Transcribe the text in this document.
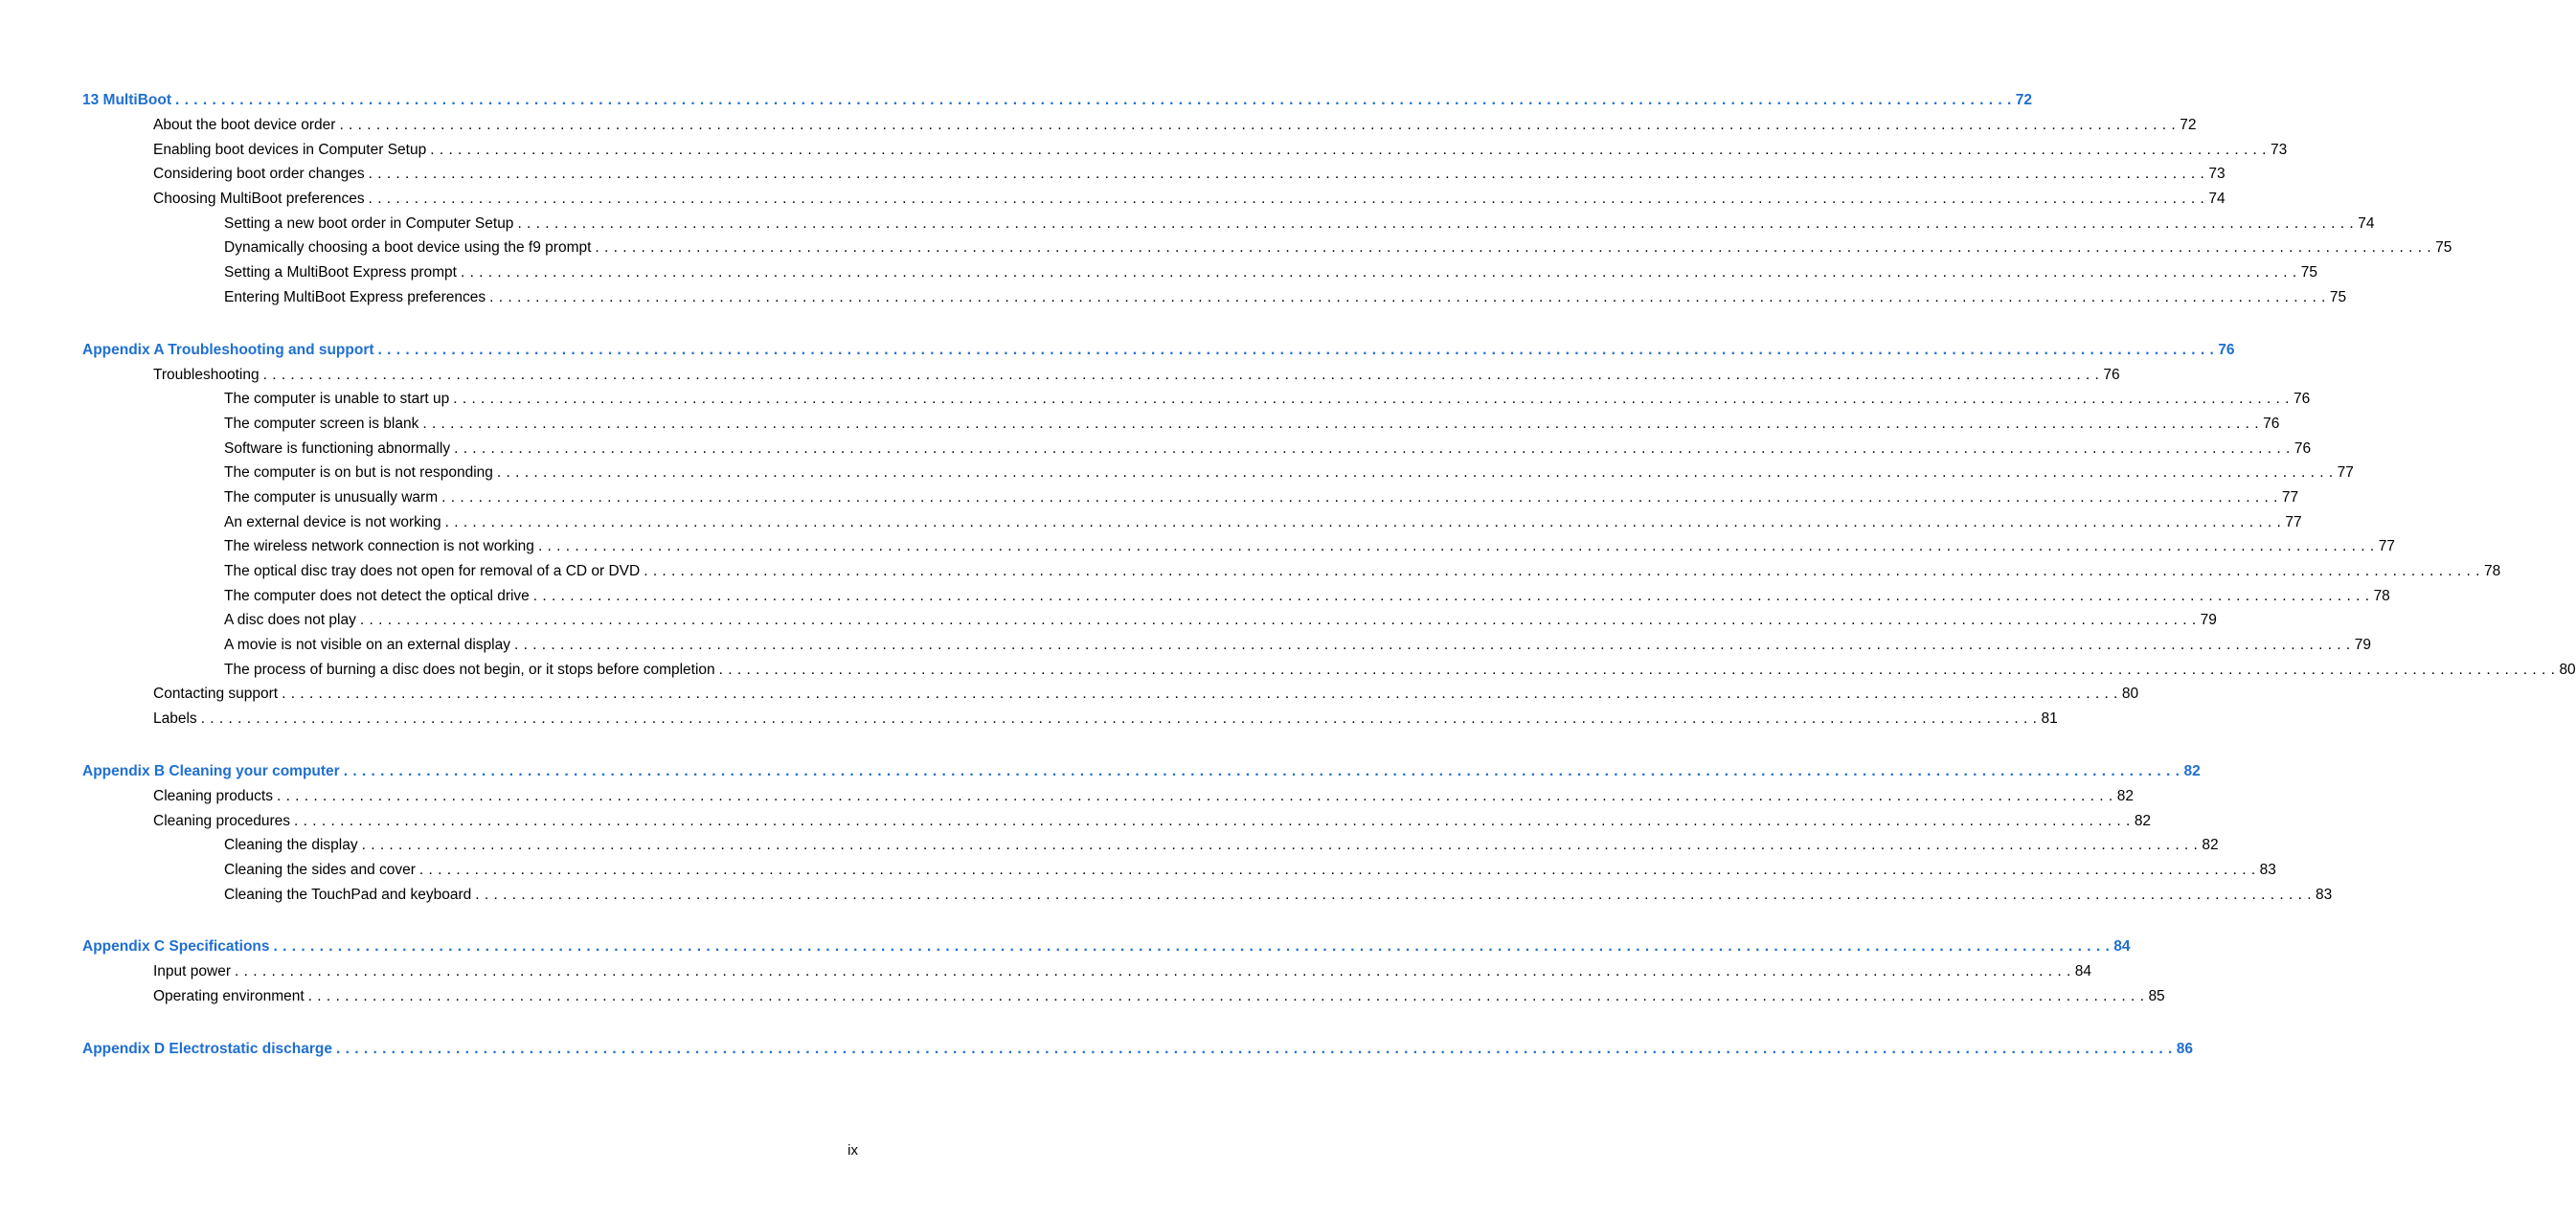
13 MultiBoot . . . . . . . . . . . . . . . . . . . . . . . . . . . . . . . . . . . . . . . . . . . . . . . . . . . . . . . . . . . . . . . . . . . . . . . . . . . . . . . . . . . . . . . . . . . . . . . . . . . . . . . . . . . . . . . . . . . . . . . . . . . . . . . . . . . . . . . . . . . . . . . . . . . . . . . . . . . . . . . . . . . . . . . . . . . . . . . . . . . . . . . . . . . . . . . . . . . . . . . . 72
About the boot device order . . . . . . . . . . . . . . . . . . . . . . . . . . . . . . . . . . . . . . . . . . . . . . . . . . . . . . . . . . . . . . . . . . . . . . . . . . . . . . . . . . . . . . . . . . . . . . . . . . . . . . . . . . . . . . . . . . . . . . . . . . . . . . . . . . . . . . . . . . . . . . . . . . . . . . . . . . . . . . . . . . . . . . . . . . . . . . . . . . . . . . . . . . . . . . . . . . . . . . . . 72
Enabling boot devices in Computer Setup . . . . . . . . . . . . . . . . . . . . . . . . . . . . . . . . . . . . . . . . . . . . . . . . . . . . . . . . . . . . . . . . . . . . . . . . . . . . . . . . . . . . . . . . . . . . . . . . . . . . . . . . . . . . . . . . . . . . . . . . . . . . . . . . . . . . . . . . . . . . . . . . . . . . . . . . . . . . . . . . . . . . . . . . . . . . . . . . . . . . . . . . . . . . . . . . . . . . . . . . 73
Considering boot order changes . . . . . . . . . . . . . . . . . . . . . . . . . . . . . . . . . . . . . . . . . . . . . . . . . . . . . . . . . . . . . . . . . . . . . . . . . . . . . . . . . . . . . . . . . . . . . . . . . . . . . . . . . . . . . . . . . . . . . . . . . . . . . . . . . . . . . . . . . . . . . . . . . . . . . . . . . . . . . . . . . . . . . . . . . . . . . . . . . . . . . . . . . . . . . . . . . . . . . . . . 73
Choosing MultiBoot preferences . . . . . . . . . . . . . . . . . . . . . . . . . . . . . . . . . . . . . . . . . . . . . . . . . . . . . . . . . . . . . . . . . . . . . . . . . . . . . . . . . . . . . . . . . . . . . . . . . . . . . . . . . . . . . . . . . . . . . . . . . . . . . . . . . . . . . . . . . . . . . . . . . . . . . . . . . . . . . . . . . . . . . . . . . . . . . . . . . . . . . . . . . . . . . . . . . . . . . . . . 74
Setting a new boot order in Computer Setup . . . . . . . . . . . . . . . . . . . . . . . . . . . . . . . . . . . . . . . . . . . . . . . . . . . . . . . . . . . . . . . . . . . . . . . . . . . . . . . . . . . . . . . . . . . . . . . . . . . . . . . . . . . . . . . . . . . . . . . . . . . . . . . . . . . . . . . . . . . . . . . . . . . . . . . . . . . . . . . . . . . . . . . . . . . . . . . . . . . . . . . . . . . . . . . . . . . . . . . . 74
Dynamically choosing a boot device using the f9 prompt . . . . . . . . . . . . . . . . . . . . . . . . . . . . . . . . . . . . . . . . . . . . . . . . . . . . . . . . . . . . . . . . . . . . . . . . . . . . . . . . . . . . . . . . . . . . . . . . . . . . . . . . . . . . . . . . . . . . . . . . . . . . . . . . . . . . . . . . . . . . . . . . . . . . . . . . . . . . . . . . . . . . . . . . . . . . . . . . . . . . . . . . . . . . . . . . . . . . . . . . 75
Setting a MultiBoot Express prompt . . . . . . . . . . . . . . . . . . . . . . . . . . . . . . . . . . . . . . . . . . . . . . . . . . . . . . . . . . . . . . . . . . . . . . . . . . . . . . . . . . . . . . . . . . . . . . . . . . . . . . . . . . . . . . . . . . . . . . . . . . . . . . . . . . . . . . . . . . . . . . . . . . . . . . . . . . . . . . . . . . . . . . . . . . . . . . . . . . . . . . . . . . . . . . . . . . . . . . . . 75
Entering MultiBoot Express preferences . . . . . . . . . . . . . . . . . . . . . . . . . . . . . . . . . . . . . . . . . . . . . . . . . . . . . . . . . . . . . . . . . . . . . . . . . . . . . . . . . . . . . . . . . . . . . . . . . . . . . . . . . . . . . . . . . . . . . . . . . . . . . . . . . . . . . . . . . . . . . . . . . . . . . . . . . . . . . . . . . . . . . . . . . . . . . . . . . . . . . . . . . . . . . . . . . . . . . . . . 75
Appendix A Troubleshooting and support . . . . . . . . . . . . . . . . . . . . . . . . . . . . . . . . . . . . . . . . . . . . . . . . . . . . . . . . . . . . . . . . . . . . . . . . . . . . . . . . . . . . . . . . . . . . . . . . . . . . . . . . . . . . . . . . . . . . . . . . . . . . . . . . . . . . . . . . . . . . . . . . . . . . . . . . . . . . . . . . . . . . . . . . . . . . . . . . . . . . . . . . . . . . . . . . . . . . . . . . 76
Troubleshooting . . . . . . . . . . . . . . . . . . . . . . . . . . . . . . . . . . . . . . . . . . . . . . . . . . . . . . . . . . . . . . . . . . . . . . . . . . . . . . . . . . . . . . . . . . . . . . . . . . . . . . . . . . . . . . . . . . . . . . . . . . . . . . . . . . . . . . . . . . . . . . . . . . . . . . . . . . . . . . . . . . . . . . . . . . . . . . . . . . . . . . . . . . . . . . . . . . . . . . . . 76
The computer is unable to start up . . . . . . . . . . . . . . . . . . . . . . . . . . . . . . . . . . . . . . . . . . . . . . . . . . . . . . . . . . . . . . . . . . . . . . . . . . . . . . . . . . . . . . . . . . . . . . . . . . . . . . . . . . . . . . . . . . . . . . . . . . . . . . . . . . . . . . . . . . . . . . . . . . . . . . . . . . . . . . . . . . . . . . . . . . . . . . . . . . . . . . . . . . . . . . . . . . . . . . . . 76
The computer screen is blank . . . . . . . . . . . . . . . . . . . . . . . . . . . . . . . . . . . . . . . . . . . . . . . . . . . . . . . . . . . . . . . . . . . . . . . . . . . . . . . . . . . . . . . . . . . . . . . . . . . . . . . . . . . . . . . . . . . . . . . . . . . . . . . . . . . . . . . . . . . . . . . . . . . . . . . . . . . . . . . . . . . . . . . . . . . . . . . . . . . . . . . . . . . . . . . . . . . . . . . . 76
Software is functioning abnormally . . . . . . . . . . . . . . . . . . . . . . . . . . . . . . . . . . . . . . . . . . . . . . . . . . . . . . . . . . . . . . . . . . . . . . . . . . . . . . . . . . . . . . . . . . . . . . . . . . . . . . . . . . . . . . . . . . . . . . . . . . . . . . . . . . . . . . . . . . . . . . . . . . . . . . . . . . . . . . . . . . . . . . . . . . . . . . . . . . . . . . . . . . . . . . . . . . . . . . . . 76
The computer is on but is not responding . . . . . . . . . . . . . . . . . . . . . . . . . . . . . . . . . . . . . . . . . . . . . . . . . . . . . . . . . . . . . . . . . . . . . . . . . . . . . . . . . . . . . . . . . . . . . . . . . . . . . . . . . . . . . . . . . . . . . . . . . . . . . . . . . . . . . . . . . . . . . . . . . . . . . . . . . . . . . . . . . . . . . . . . . . . . . . . . . . . . . . . . . . . . . . . . . . . . . . . . 77
The computer is unusually warm . . . . . . . . . . . . . . . . . . . . . . . . . . . . . . . . . . . . . . . . . . . . . . . . . . . . . . . . . . . . . . . . . . . . . . . . . . . . . . . . . . . . . . . . . . . . . . . . . . . . . . . . . . . . . . . . . . . . . . . . . . . . . . . . . . . . . . . . . . . . . . . . . . . . . . . . . . . . . . . . . . . . . . . . . . . . . . . . . . . . . . . . . . . . . . . . . . . . . . . . 77
An external device is not working . . . . . . . . . . . . . . . . . . . . . . . . . . . . . . . . . . . . . . . . . . . . . . . . . . . . . . . . . . . . . . . . . . . . . . . . . . . . . . . . . . . . . . . . . . . . . . . . . . . . . . . . . . . . . . . . . . . . . . . . . . . . . . . . . . . . . . . . . . . . . . . . . . . . . . . . . . . . . . . . . . . . . . . . . . . . . . . . . . . . . . . . . . . . . . . . . . . . . . . . 77
The wireless network connection is not working . . . . . . . . . . . . . . . . . . . . . . . . . . . . . . . . . . . . . . . . . . . . . . . . . . . . . . . . . . . . . . . . . . . . . . . . . . . . . . . . . . . . . . . . . . . . . . . . . . . . . . . . . . . . . . . . . . . . . . . . . . . . . . . . . . . . . . . . . . . . . . . . . . . . . . . . . . . . . . . . . . . . . . . . . . . . . . . . . . . . . . . . . . . . . . . . . . . . . . . . 77
The optical disc tray does not open for removal of a CD or DVD . . . . . . . . . . . . . . . . . . . . . . . . . . . . . . . . . . . . . . . . . . . . . . . . . . . . . . . . . . . . . . . . . . . . . . . . . . . . . . . . . . . . . . . . . . . . . . . . . . . . . . . . . . . . . . . . . . . . . . . . . . . . . . . . . . . . . . . . . . . . . . . . . . . . . . . . . . . . . . . . . . . . . . . . . . . . . . . . . . . . . . . . . . . . . . . . . . . . . . . . 78
The computer does not detect the optical drive . . . . . . . . . . . . . . . . . . . . . . . . . . . . . . . . . . . . . . . . . . . . . . . . . . . . . . . . . . . . . . . . . . . . . . . . . . . . . . . . . . . . . . . . . . . . . . . . . . . . . . . . . . . . . . . . . . . . . . . . . . . . . . . . . . . . . . . . . . . . . . . . . . . . . . . . . . . . . . . . . . . . . . . . . . . . . . . . . . . . . . . . . . . . . . . . . . . . . . . . 78
A disc does not play . . . . . . . . . . . . . . . . . . . . . . . . . . . . . . . . . . . . . . . . . . . . . . . . . . . . . . . . . . . . . . . . . . . . . . . . . . . . . . . . . . . . . . . . . . . . . . . . . . . . . . . . . . . . . . . . . . . . . . . . . . . . . . . . . . . . . . . . . . . . . . . . . . . . . . . . . . . . . . . . . . . . . . . . . . . . . . . . . . . . . . . . . . . . . . . . . . . . . . . . 79
A movie is not visible on an external display . . . . . . . . . . . . . . . . . . . . . . . . . . . . . . . . . . . . . . . . . . . . . . . . . . . . . . . . . . . . . . . . . . . . . . . . . . . . . . . . . . . . . . . . . . . . . . . . . . . . . . . . . . . . . . . . . . . . . . . . . . . . . . . . . . . . . . . . . . . . . . . . . . . . . . . . . . . . . . . . . . . . . . . . . . . . . . . . . . . . . . . . . . . . . . . . . . . . . . . . 79
The process of burning a disc does not begin, or it stops before completion . . . . . . . . . . . . . . . . . . . . . . . . . . . . . . . . . . . . . . . . . . . . . . . . . . . . . . . . . . . . . . . . . . . . . . . . . . . . . . . . . . . . . . . . . . . . . . . . . . . . . . . . . . . . . . . . . . . . . . . . . . . . . . . . . . . . . . . . . . . . . . . . . . . . . . . . . . . . . . . . . . . . . . . . . . . . . . . . . . . . . . . . . . . . . . . . . . . . . . . . 80
Contacting support . . . . . . . . . . . . . . . . . . . . . . . . . . . . . . . . . . . . . . . . . . . . . . . . . . . . . . . . . . . . . . . . . . . . . . . . . . . . . . . . . . . . . . . . . . . . . . . . . . . . . . . . . . . . . . . . . . . . . . . . . . . . . . . . . . . . . . . . . . . . . . . . . . . . . . . . . . . . . . . . . . . . . . . . . . . . . . . . . . . . . . . . . . . . . . . . . . . . . . . . 80
Labels . . . . . . . . . . . . . . . . . . . . . . . . . . . . . . . . . . . . . . . . . . . . . . . . . . . . . . . . . . . . . . . . . . . . . . . . . . . . . . . . . . . . . . . . . . . . . . . . . . . . . . . . . . . . . . . . . . . . . . . . . . . . . . . . . . . . . . . . . . . . . . . . . . . . . . . . . . . . . . . . . . . . . . . . . . . . . . . . . . . . . . . . . . . . . . . . . . . . . . . . 81
Appendix B Cleaning your computer . . . . . . . . . . . . . . . . . . . . . . . . . . . . . . . . . . . . . . . . . . . . . . . . . . . . . . . . . . . . . . . . . . . . . . . . . . . . . . . . . . . . . . . . . . . . . . . . . . . . . . . . . . . . . . . . . . . . . . . . . . . . . . . . . . . . . . . . . . . . . . . . . . . . . . . . . . . . . . . . . . . . . . . . . . . . . . . . . . . . . . . . . . . . . . . . . . . . . . . . 82
Cleaning products . . . . . . . . . . . . . . . . . . . . . . . . . . . . . . . . . . . . . . . . . . . . . . . . . . . . . . . . . . . . . . . . . . . . . . . . . . . . . . . . . . . . . . . . . . . . . . . . . . . . . . . . . . . . . . . . . . . . . . . . . . . . . . . . . . . . . . . . . . . . . . . . . . . . . . . . . . . . . . . . . . . . . . . . . . . . . . . . . . . . . . . . . . . . . . . . . . . . . . . . 82
Cleaning procedures . . . . . . . . . . . . . . . . . . . . . . . . . . . . . . . . . . . . . . . . . . . . . . . . . . . . . . . . . . . . . . . . . . . . . . . . . . . . . . . . . . . . . . . . . . . . . . . . . . . . . . . . . . . . . . . . . . . . . . . . . . . . . . . . . . . . . . . . . . . . . . . . . . . . . . . . . . . . . . . . . . . . . . . . . . . . . . . . . . . . . . . . . . . . . . . . . . . . . . . . 82
Cleaning the display . . . . . . . . . . . . . . . . . . . . . . . . . . . . . . . . . . . . . . . . . . . . . . . . . . . . . . . . . . . . . . . . . . . . . . . . . . . . . . . . . . . . . . . . . . . . . . . . . . . . . . . . . . . . . . . . . . . . . . . . . . . . . . . . . . . . . . . . . . . . . . . . . . . . . . . . . . . . . . . . . . . . . . . . . . . . . . . . . . . . . . . . . . . . . . . . . . . . . . . . 82
Cleaning the sides and cover . . . . . . . . . . . . . . . . . . . . . . . . . . . . . . . . . . . . . . . . . . . . . . . . . . . . . . . . . . . . . . . . . . . . . . . . . . . . . . . . . . . . . . . . . . . . . . . . . . . . . . . . . . . . . . . . . . . . . . . . . . . . . . . . . . . . . . . . . . . . . . . . . . . . . . . . . . . . . . . . . . . . . . . . . . . . . . . . . . . . . . . . . . . . . . . . . . . . . . . . 83
Cleaning the TouchPad and keyboard . . . . . . . . . . . . . . . . . . . . . . . . . . . . . . . . . . . . . . . . . . . . . . . . . . . . . . . . . . . . . . . . . . . . . . . . . . . . . . . . . . . . . . . . . . . . . . . . . . . . . . . . . . . . . . . . . . . . . . . . . . . . . . . . . . . . . . . . . . . . . . . . . . . . . . . . . . . . . . . . . . . . . . . . . . . . . . . . . . . . . . . . . . . . . . . . . . . . . . . . 83
Appendix C Specifications . . . . . . . . . . . . . . . . . . . . . . . . . . . . . . . . . . . . . . . . . . . . . . . . . . . . . . . . . . . . . . . . . . . . . . . . . . . . . . . . . . . . . . . . . . . . . . . . . . . . . . . . . . . . . . . . . . . . . . . . . . . . . . . . . . . . . . . . . . . . . . . . . . . . . . . . . . . . . . . . . . . . . . . . . . . . . . . . . . . . . . . . . . . . . . . . . . . . . . . . 84
Input power . . . . . . . . . . . . . . . . . . . . . . . . . . . . . . . . . . . . . . . . . . . . . . . . . . . . . . . . . . . . . . . . . . . . . . . . . . . . . . . . . . . . . . . . . . . . . . . . . . . . . . . . . . . . . . . . . . . . . . . . . . . . . . . . . . . . . . . . . . . . . . . . . . . . . . . . . . . . . . . . . . . . . . . . . . . . . . . . . . . . . . . . . . . . . . . . . . . . . . . . 84
Operating environment . . . . . . . . . . . . . . . . . . . . . . . . . . . . . . . . . . . . . . . . . . . . . . . . . . . . . . . . . . . . . . . . . . . . . . . . . . . . . . . . . . . . . . . . . . . . . . . . . . . . . . . . . . . . . . . . . . . . . . . . . . . . . . . . . . . . . . . . . . . . . . . . . . . . . . . . . . . . . . . . . . . . . . . . . . . . . . . . . . . . . . . . . . . . . . . . . . . . . . . . 85
Appendix D Electrostatic discharge . . . . . . . . . . . . . . . . . . . . . . . . . . . . . . . . . . . . . . . . . . . . . . . . . . . . . . . . . . . . . . . . . . . . . . . . . . . . . . . . . . . . . . . . . . . . . . . . . . . . . . . . . . . . . . . . . . . . . . . . . . . . . . . . . . . . . . . . . . . . . . . . . . . . . . . . . . . . . . . . . . . . . . . . . . . . . . . . . . . . . . . . . . . . . . . . . . . . . . . . 86
ix
